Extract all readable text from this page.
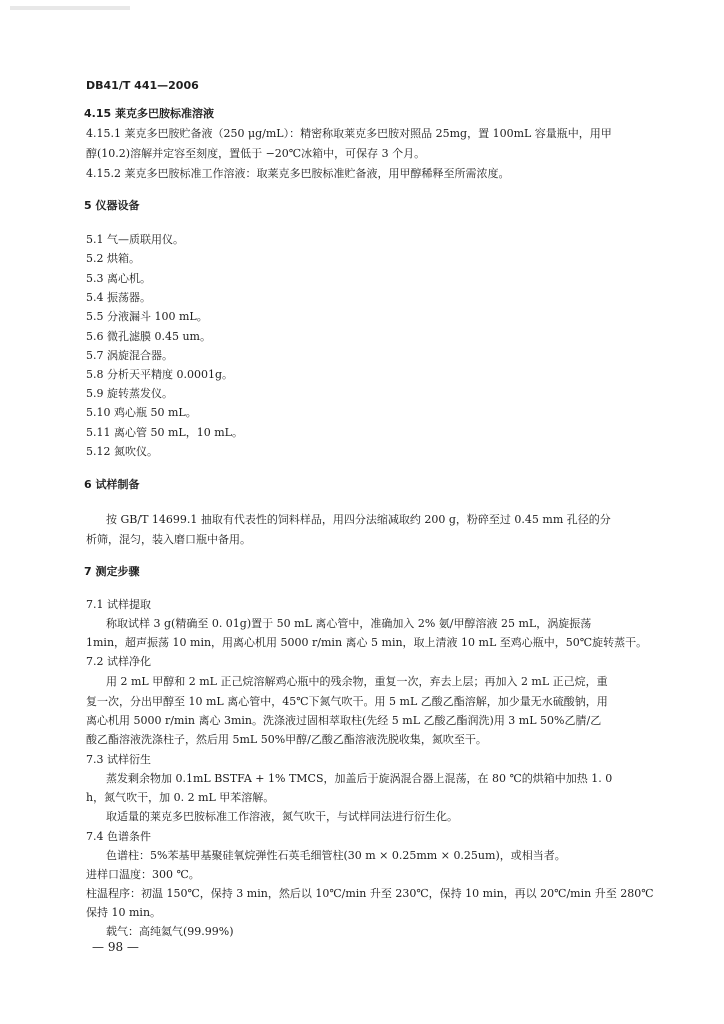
DB41/T 441—2006
4.15 莱克多巴胺标准溶液
4.15.1 莱克多巴胺贮备液（250 μg/mL）：精密称取莱克多巴胺对照品 25mg，置 100mL 容量瓶中，用甲
醇(10.2)溶解并定容至刻度，置低于 −20℃冰箱中，可保存 3 个月。
4.15.2 莱克多巴胺标准工作溶液：取莱克多巴胺标准贮备液，用甲醇稀释至所需浓度。
5 仪器设备
5.1 气—质联用仪。
5.2 烘箱。
5.3 离心机。
5.4 振荡器。
5.5 分液漏斗 100 mL。
5.6 微孔滤膜 0.45 um。
5.7 涡旋混合器。
5.8 分析天平精度 0.0001g。
5.9 旋转蒸发仪。
5.10 鸡心瓶 50 mL。
5.11 离心管 50 mL，10 mL。
5.12 氮吹仪。
6 试样制备
按 GB/T 14699.1 抽取有代表性的饲料样品，用四分法缩减取约 200 g，粉碎至过 0.45 mm 孔径的分
析筛，混匀，装入磨口瓶中备用。
7 测定步骤
7.1 试样提取
称取试样 3 g(精确至 0. 01g)置于 50 mL 离心管中，准确加入 2% 氨/甲醇溶液 25 mL，涡旋振荡
1min，超声振荡 10 min，用离心机用 5000 r/min 离心 5 min，取上清液 10 mL 至鸡心瓶中，50℃旋转蒸干。
7.2 试样净化
用 2 mL 甲醇和 2 mL 正己烷溶解鸡心瓶中的残余物，重复一次，弃去上层；再加入 2 mL 正己烷，重
复一次，分出甲醇至 10 mL 离心管中，45℃下氮气吹干。用 5 mL 乙酸乙酯溶解，加少量无水硫酸钠，用
离心机用 5000 r/min 离心 3min。洗涤液过固相萃取柱(先经 5 mL 乙酸乙酯润洗)用 3 mL 50%乙腈/乙
酸乙酯溶液洗涤柱子，然后用 5mL 50%甲醇/乙酸乙酯溶液洗脱收集，氮吹至干。
7.3 试样衍生
蒸发剩余物加 0.1mL BSTFA + 1% TMCS，加盖后于旋涡混合器上混荡，在 80 ℃的烘箱中加热 1. 0
h，氮气吹干，加 0. 2 mL 甲苯溶解。
取适量的莱克多巴胺标准工作溶液，氮气吹干，与试样同法进行衍生化。
7.4 色谱条件
色谱柱：5%苯基甲基聚硅氧烷弹性石英毛细管柱(30 m × 0.25mm × 0.25um)，或相当者。
进样口温度：300 ℃。
柱温程序：初温 150℃，保持 3 min，然后以 10℃/min 升至 230℃，保持 10 min，再以 20℃/min 升至 280℃
保持 10 min。
载气：高纯氦气(99.99%)
— 98 —
